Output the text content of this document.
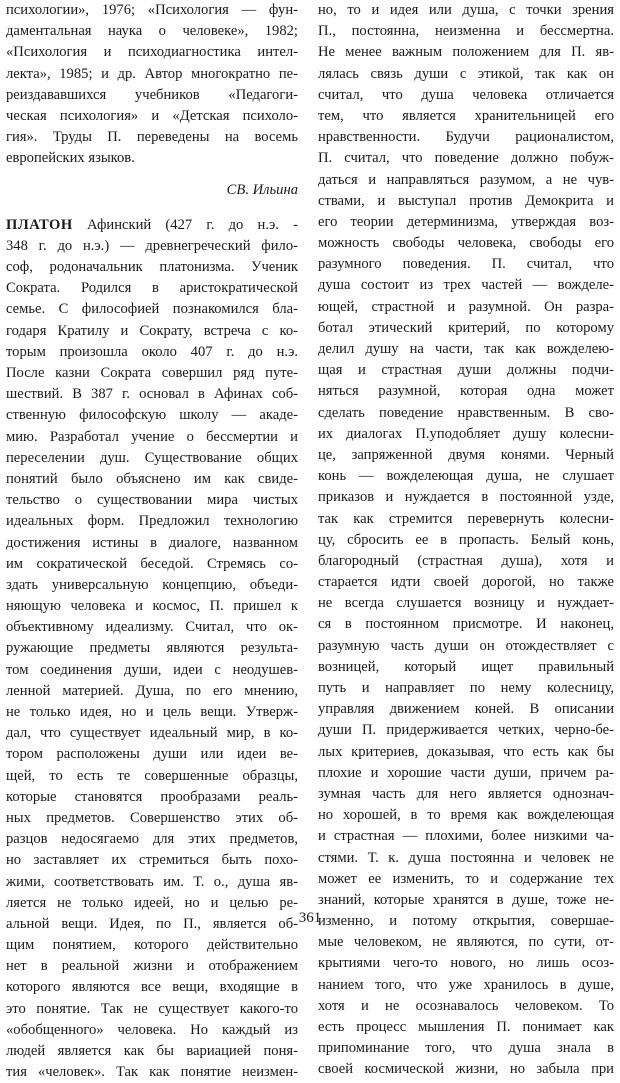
психологии», 1976; «Психология — фун-
даментальная наука о человеке», 1982;
«Психология и психодиагностика интел-
лекта», 1985; и др. Автор многократно пе-
реиздававшихся учебников «Педагоги-
ческая психология» и «Детская психоло-
гия». Труды П. переведены на восемь
европейских языков.
СВ. Ильина
ПЛАТОН Афинский (427 г. до н.э. -
348 г. до н.э.) — древнегреческий фило-
соф, родоначальник платонизма. Ученик
Сократа. Родился в аристократической
семье. С философией познакомился бла-
годаря Кратилу и Сократу, встреча с ко-
торым произошла около 407 г. до н.э.
После казни Сократа совершил ряд путе-
шествий. В 387 г. основал в Афинах соб-
ственную философскую школу — акаде-
мию. Разработал учение о бессмертии и
переселении душ. Существование общих
понятий было объяснено им как свиде-
тельство о существовании мира чистых
идеальных форм. Предложил технологию
достижения истины в диалоге, названном
им сократической беседой. Стремясь со-
здать универсальную концепцию, объеди-
няющую человека и космос, П. пришел к
объективному идеализму. Считал, что ок-
ружающие предметы являются результа-
том соединения души, идеи с неодушев-
ленной материей. Душа, по его мнению,
не только идея, но и цель вещи. Утверж-
дал, что существует идеальный мир, в ко-
тором расположены души или идеи ве-
щей, то есть те совершенные образцы,
которые становятся прообразами реаль-
ных предметов. Совершенство этих об-
разцов недосягаемо для этих предметов,
но заставляет их стремиться быть похо-
жими, соответствовать им. Т. о., душа яв-
ляется не только идеей, но и целью ре-
альной вещи. Идея, по П., является об-
щим понятием, которого действительно
нет в реальной жизни и отображением
которого являются все вещи, входящие в
это понятие. Так не существует какого-то
«обобщенного» человека. Но каждый из
людей является как бы вариацией поня-
тия «человек». Так как понятие неизмен-
но, то и идея или душа, с точки зрения
П., постоянна, неизменна и бессмертна.
Не менее важным положением для П. яв-
лялась связь души с этикой, так как он
считал, что душа человека отличается
тем, что является хранительницей его
нравственности. Будучи рационалистом,
П. считал, что поведение должно побуж-
даться и направляться разумом, а не чув-
ствами, и выступал против Демокрита и
его теории детерминизма, утверждая воз-
можность свободы человека, свободы его
разумного поведения. П. считал, что
душа состоит из трех частей — вожделе-
ющей, страстной и разумной. Он разра-
ботал этический критерий, по которому
делил душу на части, так как вожделею-
щая и страстная души должны подчи-
няться разумной, которая одна может
сделать поведение нравственным. В сво-
их диалогах П.уподобляет душу колесни-
це, запряженной двумя конями. Черный
конь — вожделеющая душа, не слушает
приказов и нуждается в постоянной узде,
так как стремится перевернуть колесни-
цу, сбросить ее в пропасть. Белый конь,
благородный (страстная душа), хотя и
старается идти своей дорогой, но также
не всегда слушается возницу и нуждает-
ся в постоянном присмотре. И наконец,
разумную часть души он отождествляет с
возницей, который ищет правильный
путь и направляет по нему колесницу,
управляя движением коней. В описании
души П. придерживается четких, черно-бе-
лых критериев, доказывая, что есть как бы
плохие и хорошие части души, причем ра-
зумная часть для него является однознач-
но хорошей, в то время как вожделеющая
и страстная — плохими, более низкими ча-
стями. Т. к. душа постоянна и человек не
может ее изменить, то и содержание тех
знаний, которые хранятся в душе, тоже не-
изменно, и потому открытия, совершае-
мые человеком, не являются, по сути, от-
крытиями чего-то нового, но лишь осоз-
нанием того, что уже хранилось в душе,
хотя и не осознавалось человеком. То
есть процесс мышления П. понимает как
припоминание того, что душа знала в
своей космической жизни, но забыла при
361
